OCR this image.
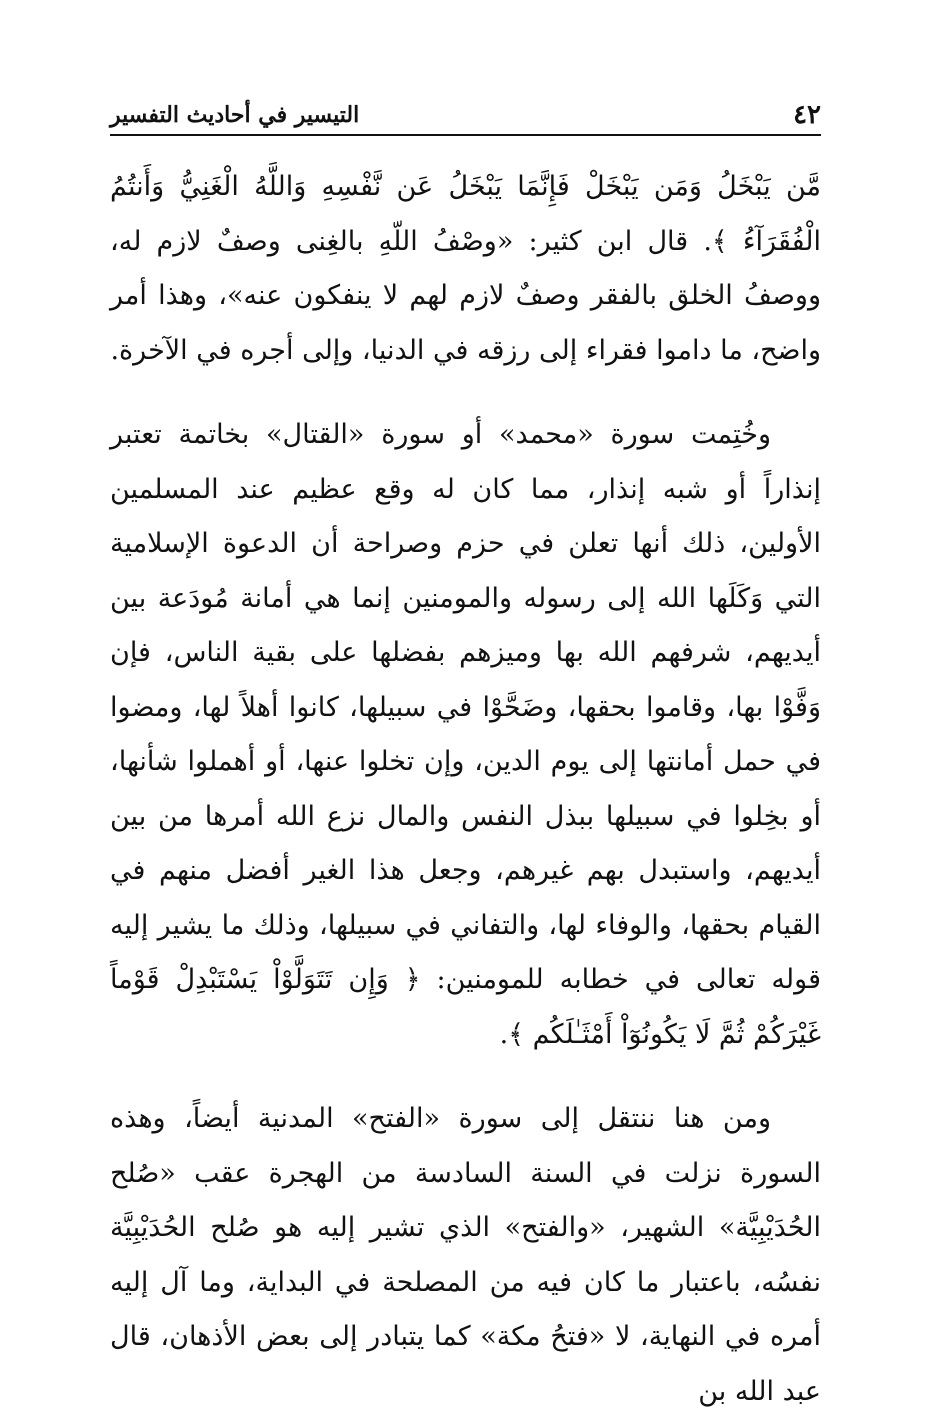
٤٢
التيسير في أحاديث التفسير

مَّن يَبْخَلُ وَمَن يَبْخَلْ فَإِنَّمَا يَبْخَلُ عَن نَّفْسِهِ وَاللَّهُ الْغَنِيُّ وَأَنتُمُ الْفُقَرَآءُ ﴾. قال ابن كثير: «وصْفُ اللّهِ بالغِنى وصفٌ لازم له، ووصفُ الخلق بالفقر وصفٌ لازم لهم لا ينفكون عنه»، وهذا أمر واضح، ما داموا فقراء إلى رزقه في الدنيا، وإلى أجره في الآخرة.

وخُتِمت سورة «محمد» أو سورة «القتال» بخاتمة تعتبر إنذاراً أو شبه إنذار، مما كان له وقع عظيم عند المسلمين الأولين، ذلك أنها تعلن في حزم وصراحة أن الدعوة الإسلامية التي وَكَلَها الله إلى رسوله والمومنين إنما هي أمانة مُودَعة بين أيديهم، شرفهم الله بها وميزهم بفضلها على بقية الناس، فإن وَفَّوْا بها، وقاموا بحقها، وضَحَّوْا في سبيلها، كانوا أهلاً لها، ومضوا في حمل أمانتها إلى يوم الدين، وإن تخلوا عنها، أو أهملوا شأنها، أو بخِلوا في سبيلها ببذل النفس والمال نزع الله أمرها من بين أيديهم، واستبدل بهم غيرهم، وجعل هذا الغير أفضل منهم في القيام بحقها، والوفاء لها، والتفاني في سبيلها، وذلك ما يشير إليه قوله تعالى في خطابه للمومنين: ﴿ وَإِن تَتَوَلَّوْاْ يَسْتَبْدِلْ قَوْماً غَيْرَكُمْ ثُمَّ لَا يَكُونُوٓاْ أَمْثَـٰلَكُم ﴾.

ومن هنا ننتقل إلى سورة «الفتح» المدنية أيضاً، وهذه السورة نزلت في السنة السادسة من الهجرة عقب «صُلح الحُدَيْبِيَّة» الشهير، «والفتح» الذي تشير إليه هو صُلح الحُدَيْبِيَّة نفسُه، باعتبار ما كان فيه من المصلحة في البداية، وما آل إليه أمره في النهاية، لا «فتحُ مكة» كما يتبادر إلى بعض الأذهان، قال عبد الله بن
